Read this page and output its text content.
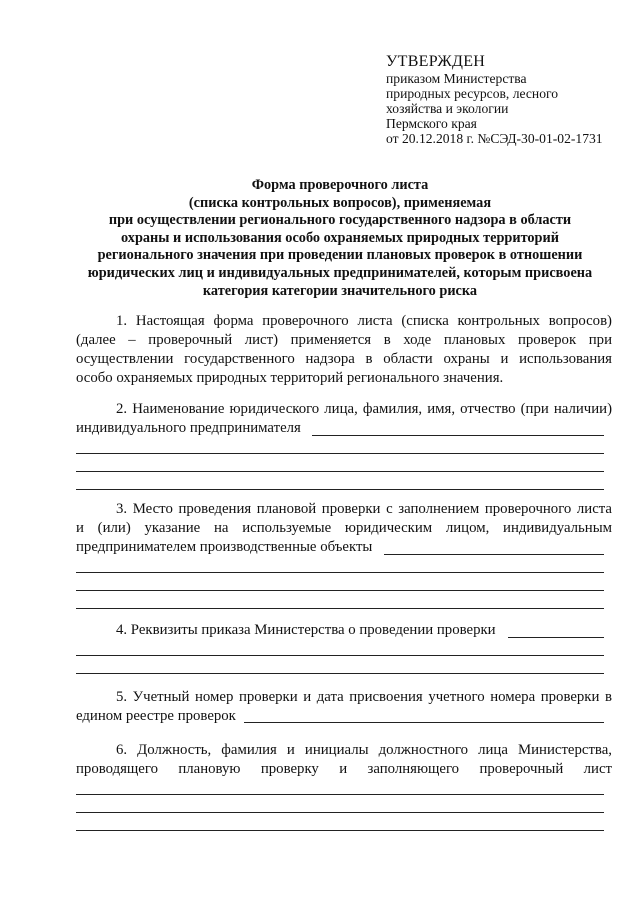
УТВЕРЖДЕН
приказом Министерства
природных ресурсов, лесного
хозяйства и экологии
Пермского края
от 20.12.2018 г. №СЭД-30-01-02-1731
Форма проверочного листа
(списка контрольных вопросов), применяемая
при осуществлении регионального государственного надзора в области
охраны и использования особо охраняемых природных территорий
регионального значения при проведении плановых проверок в отношении
юридических лиц и индивидуальных предпринимателей, которым присвоена
категория категории значительного риска
1. Настоящая форма проверочного листа (списка контрольных вопросов)
(далее – проверочный лист) применяется в ходе плановых проверок при
осуществлении государственного надзора в области охраны и использования
особо охраняемых природных территорий регионального значения.
2. Наименование юридического лица, фамилия, имя, отчество (при наличии)
индивидуального предпринимателя
3. Место проведения плановой проверки с заполнением проверочного листа
и (или) указание на используемые юридическим лицом, индивидуальным
предпринимателем производственные объекты
4. Реквизиты приказа Министерства о проведении проверки
5. Учетный номер проверки и дата присвоения учетного номера проверки в
едином реестре проверок
6. Должность, фамилия и инициалы должностного лица Министерства,
проводящего плановую проверку и заполняющего проверочный лист
